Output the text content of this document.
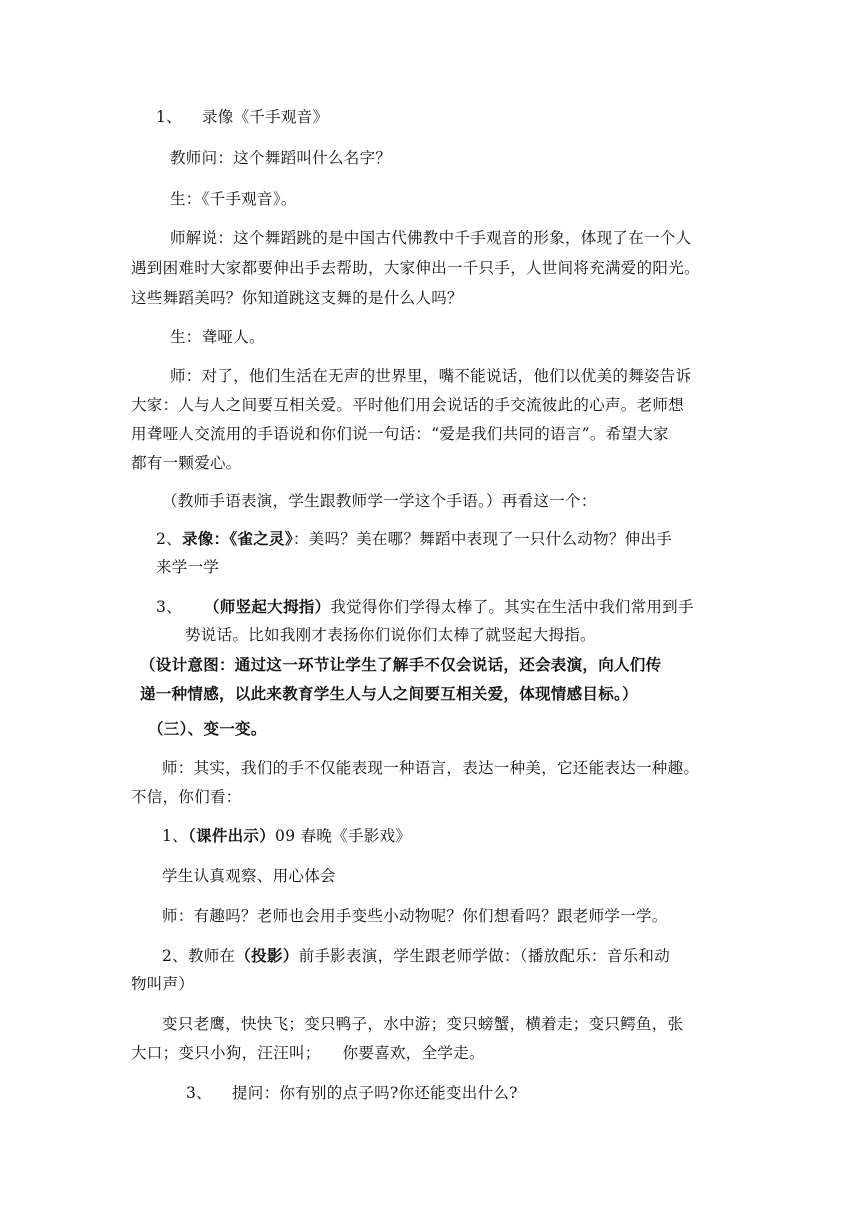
1、 录像《千手观音》
教师问：这个舞蹈叫什么名字？
生：《千手观音》。
师解说：这个舞蹈跳的是中国古代佛教中千手观音的形象，体现了在一个人
遇到困难时大家都要伸出手去帮助，大家伸出一千只手，人世间将充满爱的阳光。
这些舞蹈美吗？你知道跳这支舞的是什么人吗？
生：聋哑人。
师：对了，他们生活在无声的世界里，嘴不能说话，他们以优美的舞姿告诉
大家：人与人之间要互相关爱。平时他们用会说话的手交流彼此的心声。老师想
用聋哑人交流用的手语说和你们说一句话：“爱是我们共同的语言”。希望大家
都有一颗爱心。
（教师手语表演，学生跟教师学一学这个手语。）再看这一个：
2、录像：《雀之灵》：美吗？美在哪？舞蹈中表现了一只什么动物？伸出手
来学一学
3、 （师竖起大拇指）我觉得你们学得太棒了。其实在生活中我们常用到手
势说话。比如我刚才表扬你们说你们太棒了就竖起大拇指。
（设计意图：通过这一环节让学生了解手不仅会说话，还会表演，向人们传
递一种情感，以此来教育学生人与人之间要互相关爱，体现情感目标。）
（三）、变一变。
师：其实，我们的手不仅能表现一种语言，表达一种美，它还能表达一种趣。
不信，你们看：
1、（课件出示）09 春晚《手影戏》
学生认真观察、用心体会
师：有趣吗？老师也会用手变些小动物呢？你们想看吗？跟老师学一学。
2、教师在（投影）前手影表演，学生跟老师学做：（播放配乐：音乐和动
物叫声）
变只老鹰，快快飞；变只鸭子，水中游；变只螃蟹，横着走；变只鳄鱼，张
大口；变只小狗，汪汪叫； 你要喜欢，全学走。
3、 提问：你有别的点子吗?你还能变出什么?
